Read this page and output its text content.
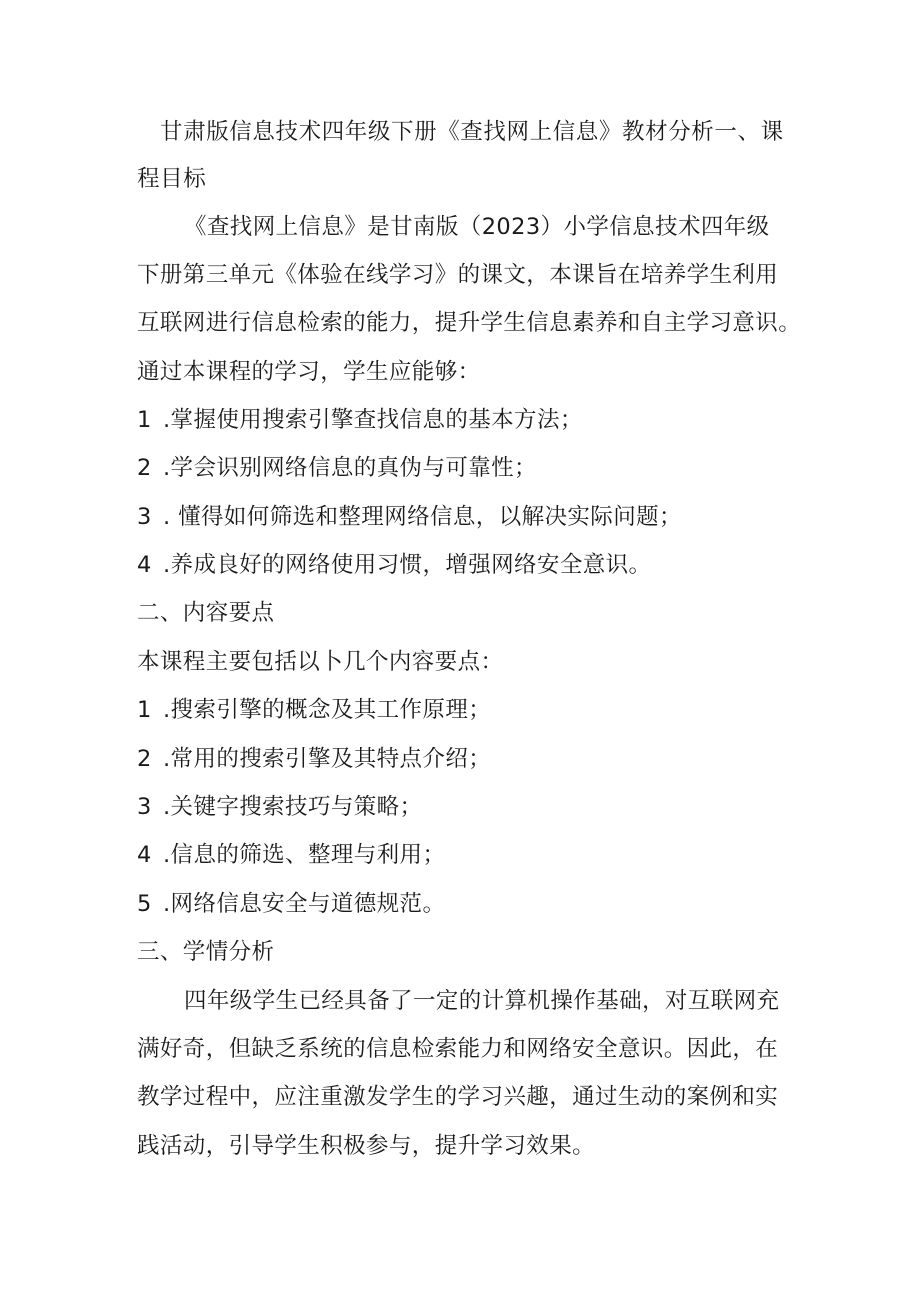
甘肃版信息技术四年级下册《查找网上信息》教材分析一、课
程目标
《查找网上信息》是甘南版（2023）小学信息技术四年级
下册第三单元《体验在线学习》的课文，本课旨在培养学生利用
互联网进行信息检索的能力，提升学生信息素养和自主学习意识。
通过本课程的学习，学生应能够：
1 .掌握使用搜索引擎查找信息的基本方法；
2 .学会识别网络信息的真伪与可靠性；
3 . 懂得如何筛选和整理网络信息，以解决实际问题；
4 .养成良好的网络使用习惯，增强网络安全意识。
二、内容要点
本课程主要包括以卜几个内容要点：
1 .搜索引擎的概念及其工作原理；
2 .常用的搜索引擎及其特点介绍；
3 .关键字搜索技巧与策略；
4 .信息的筛选、整理与利用；
5 .网络信息安全与道德规范。
三、学情分析
四年级学生已经具备了一定的计算机操作基础，对互联网充
满好奇，但缺乏系统的信息检索能力和网络安全意识。因此，在
教学过程中，应注重激发学生的学习兴趣，通过生动的案例和实
践活动，引导学生积极参与，提升学习效果。
